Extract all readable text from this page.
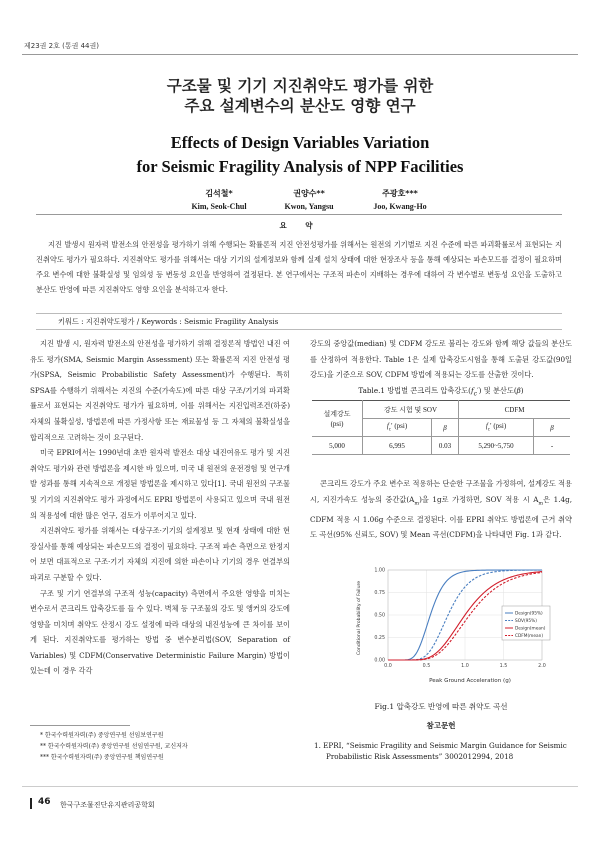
제23권 2호 (통권 44권)
구조물 및 기기 지진취약도 평가를 위한
주요 설계변수의 분산도 영향 연구
Effects of Design Variables Variation
for Seismic Fragility Analysis of NPP Facilities
김석철*
Kim, Seok-Chul
권양수**
Kwon, Yangsu
주광호***
Joo, Kwang-Ho
요 약
지진 발생시 원자력 발전소의 안전성을 평가하기 위해 수행되는 확률론적 지진 안전성평가를 위해서는 원전의 기기별로 지진 수준에 따른 파괴확률로서 표현되는 지진취약도 평가가 필요하다. 지진취약도 평가를 위해서는 대상 기기의 설계정보와 함께 실제 설치 상태에 대한 현장조사 등을 통해 예상되는 파손모드를 결정이 필요하며 주요 변수에 대한 불확실성 및 임의성 등 변동성 요인을 반영하여 결정된다. 본 연구에서는 구조적 파손이 지배하는 경우에 대하여 각 변수별로 변동성 요인을 도출하고 분산도 반영에 따른 지진취약도 영향 요인을 분석하고자 한다.
키워드 : 지진취약도평가 / Keywords : Seismic Fragility Analysis

지진 발생 시, 원자력 발전소의 안전성을 평가하기 위해 결정론적 방법인 내진 여유도 평가(SMA, Seismic Margin Assessment) 또는 확률론적 지진 안전성 평가(SPSA, Seismic Probabilistic Safety Assessment)가 수행된다. 특히 SPSA를 수행하기 위해서는 지진의 수준(가속도)에 따른 대상 구조/기기의 파괴확률로서 표현되는 지진취약도 평가가 필요하며, 이를 위해서는 지진입력조건(하중) 자체의 불확실성, 방법론에 따른 가정사항 또는 재료물성 등 그 자체의 불확실성을 합리적으로 고려하는 것이 요구된다.

미국 EPRI에서는 1990년대 초반 원자력 발전소 대상 내진여유도 평가 및 지진취약도 평가와 관련 방법론을 제시한 바 있으며, 미국 내 원전의 운전경험 및 연구개발 성과를 통해 지속적으로 개정된 방법론을 제시하고 있다[1]. 국내 원전의 구조물 및 기기의 지진취약도 평가 과정에서도 EPRI 방법론이 사용되고 있으며 국내 원전의 적용성에 대한 많은 연구, 검토가 이루어지고 있다.

지진취약도 평가를 위해서는 대상구조·기기의 설계정보 및 현재 상태에 대한 현장실사를 통해 예상되는 파손모드의 결정이 필요하다. 구조적 파손 측면으로 한정지어 보면 대표적으로 구조·기기 자체의 지진에 의한 파손이나 기기의 경우 연결부의 파괴로 구분할 수 있다.

구조 및 기기 연결부의 구조적 성능(capacity) 측면에서 주요한 영향을 미치는 변수로서 콘크리트 압축강도를 들 수 있다. 벽체 등 구조물의 강도 및 앵커의 강도에 영향을 미치며 취약도 산정시 강도 설정에 따라 대상의 내진성능에 큰 차이를 보이게 된다. 지진취약도를 평가하는 방법 중 변수분리법(SOV, Separation of Variables) 및 CDFM(Conservative Deterministic Failure Margin) 방법이 있는데 이 경우 각각

* 한국수력원자력(주) 중앙연구원 선임보연구원
** 한국수력원자력(주) 중앙연구원 선임연구원, 교신저자
*** 한국수력원자력(주) 중앙연구원 책임연구원

강도의 중앙값(median) 및 CDFM 강도로 불리는 강도와 함께 해당 값들의 분산도를 산정하여 적용한다. Table 1은 실제 압축강도시험을 통해 도출된 강도값(90일 강도)을 기준으로 SOV, CDFM 방법에 적용되는 강도를 산출한 것이다.

Table.1 방법별 콘크리트 압축강도$(f_c')$ 및 분산도(β)
설계강도
(psi)	강도 시험 및 SOV		CDFM	
	$f_c'$ (psi)	β	$f_c'$ (psi)	β
5,000	6,995	0.03	5,290~5,750	-

콘크리트 강도가 주요 변수로 적용하는 단순한 구조물을 가정하여, 설계강도 적용 시, 지진가속도 성능의 중간값$(A_m)$을 1g로 가정하면, SOV 적용 시 $A_m$은 1.4g, CDFM 적용 시 1.06g 수준으로 결정된다. 이를 EPRI 취약도 방법론에 근거 취약도 곡선(95% 신뢰도, SOV) 및 Mean 곡선(CDFM)을 나타내면 Fig. 1과 같다.

0.0	0.5	1.0	1.5	2.0
0.00
0.25
0.50
0.75
1.00
Design(95%)
SOV(95%)
Design(mean)
CDFM(mean)
Peak Ground Acceleration (g)
Conditional Probability of Failure
Fig.1 압축강도 반영에 따른 취약도 곡선
참고문헌
1. EPRI, “Seismic Fragility and Seismic Margin Guidance for Seismic Probabilistic Risk Assessments” 3002012994, 2018
46 한국구조물진단유지관리공학회
